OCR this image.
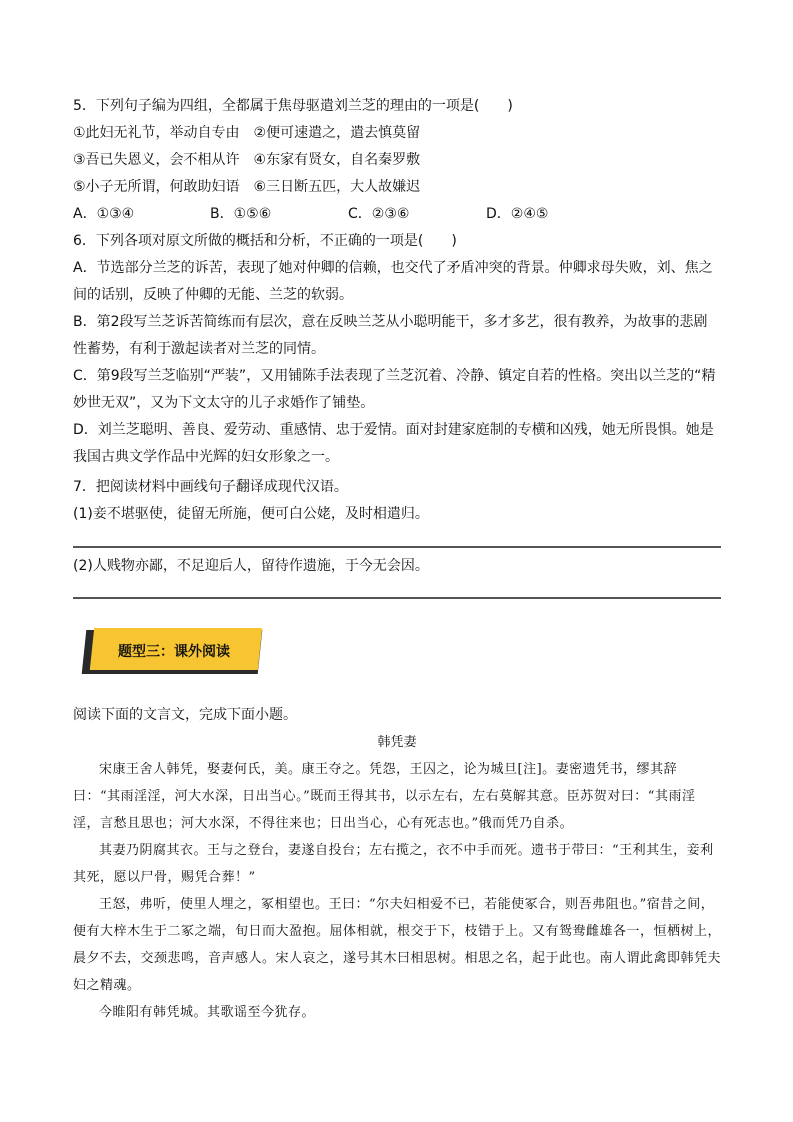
5．下列句子编为四组，全都属于焦母驱遣刘兰芝的理由的一项是(　　)
①此妇无礼节，举动自专由　②便可速遣之，遣去慎莫留
③吾已失恩义，会不相从许　④东家有贤女，自名秦罗敷
⑤小子无所谓，何敢助妇语　⑥三日断五匹，大人故嫌迟
A．①③④	B．①⑤⑥	C．②③⑥	D．②④⑤
6．下列各项对原文所做的概括和分析，不正确的一项是(　　)
A．节选部分兰芝的诉苦，表现了她对仲卿的信赖，也交代了矛盾冲突的背景。仲卿求母失败，刘、焦之间的话别，反映了仲卿的无能、兰芝的软弱。
B．第2段写兰芝诉苦简练而有层次，意在反映兰芝从小聪明能干，多才多艺，很有教养，为故事的悲剧性蓄势，有利于激起读者对兰芝的同情。
C．第9段写兰芝临别“严装”，又用铺陈手法表现了兰芝沉着、冷静、镇定自若的性格。突出以兰芝的“精妙世无双”，又为下文太守的儿子求婚作了铺垫。
D．刘兰芝聪明、善良、爱劳动、重感情、忠于爱情。面对封建家庭制的专横和凶残，她无所畏惧。她是我国古典文学作品中光辉的妇女形象之一。
7．把阅读材料中画线句子翻译成现代汉语。
(1)妾不堪驱使，徒留无所施，便可白公姥，及时相遣归。
(2)人贱物亦鄙，不足迎后人，留待作遗施，于今无会因。
题型三：课外阅读
阅读下面的文言文，完成下面小题。
韩凭妻
宋康王舍人韩凭，娶妻何氏，美。康王夺之。凭怨，王囚之，论为城旦[注]。妻密遗凭书，缪其辞曰：“其雨淫淫，河大水深，日出当心。”既而王得其书，以示左右，左右莫解其意。臣苏贺对曰：“其雨淫淫，言愁且思也；河大水深，不得往来也；日出当心，心有死志也。”俄而凭乃自杀。
其妻乃阴腐其衣。王与之登台，妻遂自投台；左右揽之，衣不中手而死。遗书于带曰：“王利其生，妾利其死，愿以尸骨，赐凭合葬！”
王怒，弗听，使里人埋之，冢相望也。王曰：“尔夫妇相爱不已，若能使冢合，则吾弗阻也。”宿昔之间，便有大梓木生于二冢之端，旬日而大盈抱。屈体相就，根交于下，枝错于上。又有鸳鸯雌雄各一，恒栖树上，晨夕不去，交颈悲鸣，音声感人。宋人哀之，遂号其木曰相思树。相思之名，起于此也。南人谓此禽即韩凭夫妇之精魂。
今睢阳有韩凭城。其歌谣至今犹存。
